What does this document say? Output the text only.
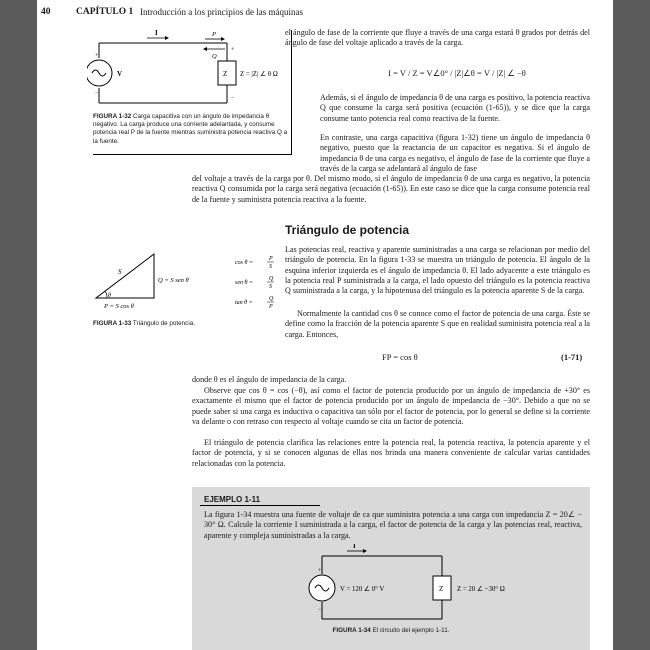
40	CAPÍTULO 1 Introducción a los principios de las máquinas
I	P
Q
+
−
V	Z Z = |Z| ∠ θ Ω
+
−
FIGURA 1-32 Carga capacitiva con un ángulo de impedancia θ negativo. La carga produce una corriente adelantada, y consume potencia real P de la fuente mientras suministra potencia reactiva Q a la fuente.
el ángulo de fase de la corriente que fluye a través de una carga estará θ grados por detrás del ángulo de fase del voltaje aplicado a través de la carga.
I = V / Z = V∠0° / |Z|∠θ = V / |Z| ∠ −θ
Además, si el ángulo de impedancia θ de una carga es positivo, la potencia reactiva Q que consume la carga será positiva (ecuación (1-65)), y se dice que la carga consume tanto potencia real como reactiva de la fuente.
En contraste, una carga capacitiva (figura 1-32) tiene un ángulo de impedancia θ negativo, puesto que la reactancia de un capacitor es negativa. Si el ángulo de impedancia θ de una carga es negativo, el ángulo de fase de la corriente que fluye a través de la carga se adelantará al ángulo de fase
del voltaje a través de la carga por θ. Del mismo modo, si el ángulo de impedancia θ de una carga es negativo, la potencia reactiva Q consumida por la carga será negativa (ecuación (1-65)). En este caso se dice que la carga consume potencia real de la fuente y suministra potencia reactiva a la fuente.
Triángulo de potencia
θ
S
Q = S sen θ
P = S cos θ
cos θ =
P
S
sen θ =
Q
S
tan θ =
Q
P
FIGURA 1-33 Triángulo de potencia.
Las potencias real, reactiva y aparente suministradas a una carga se relacionan por medio del triángulo de potencia. En la figura 1-33 se muestra un triángulo de potencia. El ángulo de la esquina inferior izquierda es el ángulo de impedancia θ. El lado adyacente a este triángulo es la potencia real P suministrada a la carga, el lado opuesto del triángulo es la potencia reactiva Q suministrada a la carga, y la hipotenusa del triángulo es la potencia aparente S de la carga.
Normalmente la cantidad cos θ se conoce como el factor de potencia de una carga. Éste se define como la fracción de la potencia aparente S que en realidad suministra potencia real a la carga. Entonces,
FP = cos θ	(1-71)
donde θ es el ángulo de impedancia de la carga.
Observe que cos θ = cos (−θ), así como el factor de potencia producido por un ángulo de impedancia de +30° es exactamente el mismo que el factor de potencia producido por un ángulo de impedancia de −30°. Debido a que no se puede saber si una carga es inductiva o capacitiva tan sólo por el factor de potencia, por lo general se define si la corriente va delante o con retraso con respecto al voltaje cuando se cita un factor de potencia.
El triángulo de potencia clarifica las relaciones entre la potencia real, la potencia reactiva, la potencia aparente y el factor de potencia, y si se conocen algunas de ellas nos brinda una manera conveniente de calcular varias cantidades relacionadas con la potencia.
EJEMPLO 1-11
La figura 1-34 muestra una fuente de voltaje de ca que suministra potencia a una carga con impedancia Z = 20∠ − 30° Ω. Calcule la corriente I suministrada a la carga, el factor de potencia de la carga y las potencias real, reactiva, aparente y compleja suministradas a la carga.
I
+
−
V = 120 ∠ 0° V	Z Z = 20 ∠ −30° Ω
FIGURA 1-34 El circuito del ejemplo 1-11.
